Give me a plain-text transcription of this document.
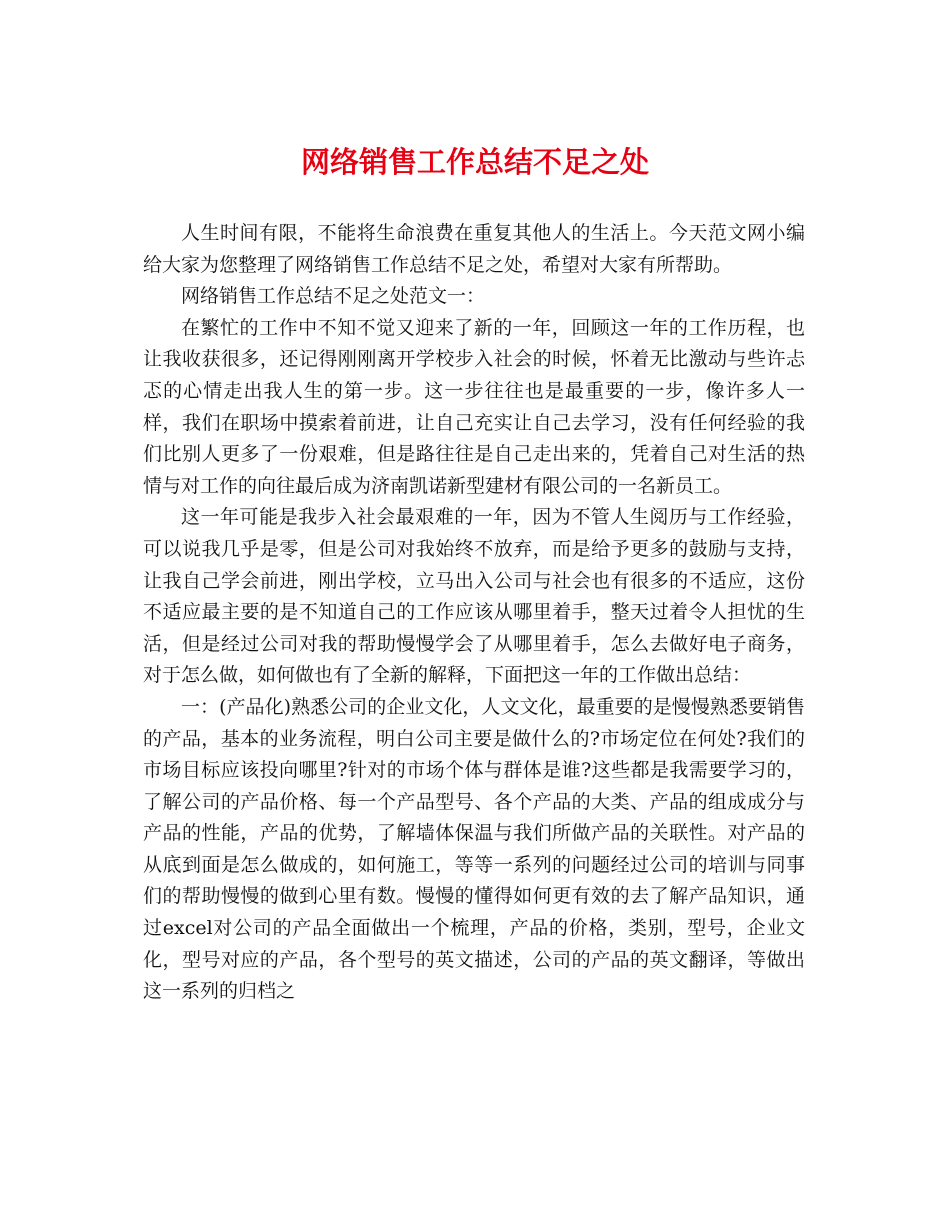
网络销售工作总结不足之处

人生时间有限，不能将生命浪费在重复其他人的生活上。今天范文网小编给大家为您整理了网络销售工作总结不足之处，希望对大家有所帮助。

网络销售工作总结不足之处范文一：

在繁忙的工作中不知不觉又迎来了新的一年，回顾这一年的工作历程，也让我收获很多，还记得刚刚离开学校步入社会的时候，怀着无比激动与些许忐忑的心情走出我人生的第一步。这一步往往也是最重要的一步，像许多人一样，我们在职场中摸索着前进，让自己充实让自己去学习，没有任何经验的我们比别人更多了一份艰难，但是路往往是自己走出来的，凭着自己对生活的热情与对工作的向往最后成为济南凯诺新型建材有限公司的一名新员工。

这一年可能是我步入社会最艰难的一年，因为不管人生阅历与工作经验，可以说我几乎是零，但是公司对我始终不放弃，而是给予更多的鼓励与支持，让我自己学会前进，刚出学校，立马出入公司与社会也有很多的不适应，这份不适应最主要的是不知道自己的工作应该从哪里着手，整天过着令人担忧的生活，但是经过公司对我的帮助慢慢学会了从哪里着手，怎么去做好电子商务，对于怎么做，如何做也有了全新的解释，下面把这一年的工作做出总结：

一：(产品化)熟悉公司的企业文化，人文文化，最重要的是慢慢熟悉要销售的产品，基本的业务流程，明白公司主要是做什么的?市场定位在何处?我们的市场目标应该投向哪里?针对的市场个体与群体是谁?这些都是我需要学习的，了解公司的产品价格、每一个产品型号、各个产品的大类、产品的组成成分与产品的性能，产品的优势，了解墙体保温与我们所做产品的关联性。对产品的从底到面是怎么做成的，如何施工，等等一系列的问题经过公司的培训与同事们的帮助慢慢的做到心里有数。慢慢的懂得如何更有效的去了解产品知识，通过excel对公司的产品全面做出一个梳理，产品的价格，类别，型号，企业文化，型号对应的产品，各个型号的英文描述，公司的产品的英文翻译，等做出这一系列的归档之
